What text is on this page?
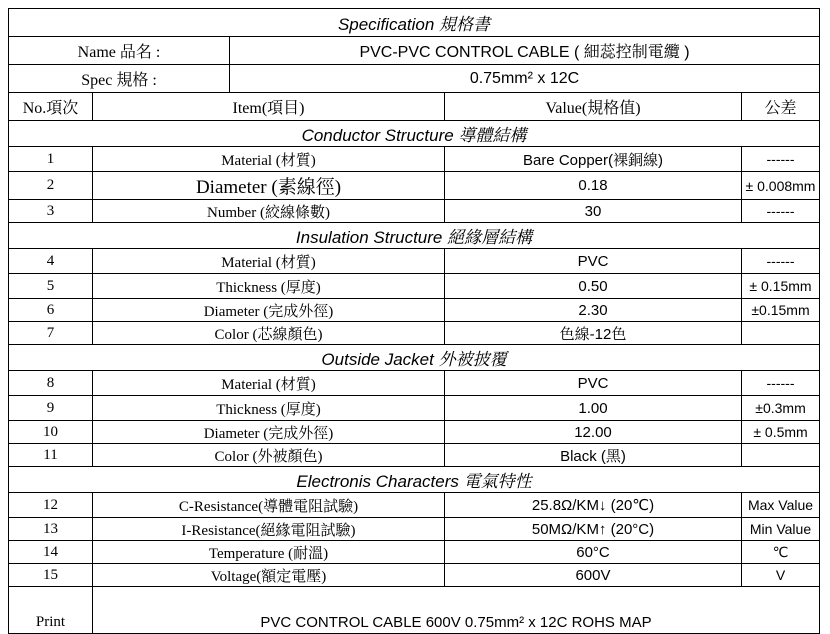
Specification 規格書				
Name 品名 :		PVC-PVC CONTROL CABLE ( 細蕊控制電纜 )		
Spec 規格 :		0.75mm² x 12C		
No.項次	Item(項目)		Value(規格值)	公差
Conductor Structure 導體結構				
1	Material (材質)		Bare Copper(裸銅線)	------
2	Diameter (素線徑)		0.18	± 0.008mm
3	Number (絞線條數)		30	------
Insulation Structure 絕緣層結構				
4	Material (材質)		PVC	------
5	Thickness (厚度)		0.50	± 0.15mm
6	Diameter (完成外徑)		2.30	±0.15mm
7	Color (芯線顏色)		色線-12色	
Outside Jacket 外被披覆				
8	Material (材質)		PVC	------
9	Thickness (厚度)		1.00	±0.3mm
10	Diameter (完成外徑)		12.00	± 0.5mm
11	Color (外被顏色)		Black (黑)	
Electronis Characters 電氣特性				
12	C-Resistance(導體電阻試驗)		25.8Ω/KM↓ (20℃)	Max Value
13	I-Resistance(絕緣電阻試驗)		50MΩ/KM↑ (20°C)	Min Value
14	Temperature (耐溫)		60°C	℃
15	Voltage(額定電壓)		600V	V
Print	PVC CONTROL CABLE 600V 0.75mm² x 12C ROHS MAP			
